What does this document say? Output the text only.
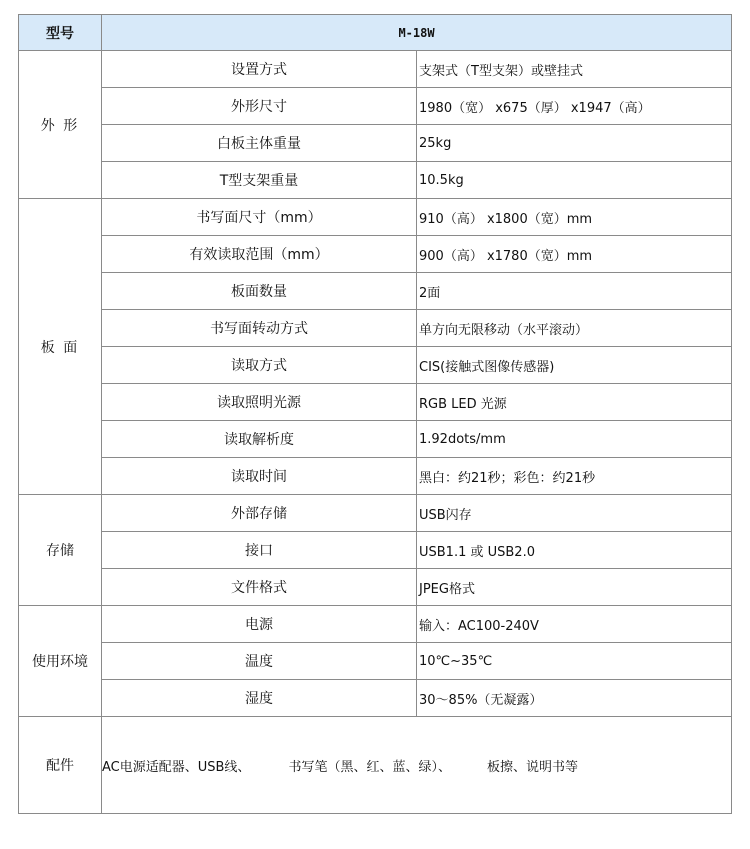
型号	M-18W	
外 形	设置方式	支架式（T型支架）或壁挂式
	外形尺寸	1980（宽） x675（厚） x1947（高）
	白板主体重量	25kg
	T型支架重量	10.5kg
板 面	书写面尺寸（mm）	910（高） x1800（宽）mm
	有效读取范围（mm）	900（高） x1780（宽）mm
	板面数量	2面
	书写面转动方式	单方向无限移动（水平滚动）
	读取方式	CIS(接触式图像传感器)
	读取照明光源	RGB LED 光源
	读取解析度	1.92dots/mm
	读取时间	黑白：约21秒；彩色：约21秒
存储	外部存储	USB闪存
	接口	USB1.1 或 USB2.0
	文件格式	JPEG格式
使用环境	电源	输入：AC100-240V
	温度	10℃~35℃
	湿度	30～85%（无凝露）
配件	AC电源适配器、USB线、 书写笔（黑、红、蓝、绿）、 板擦、说明书等	
